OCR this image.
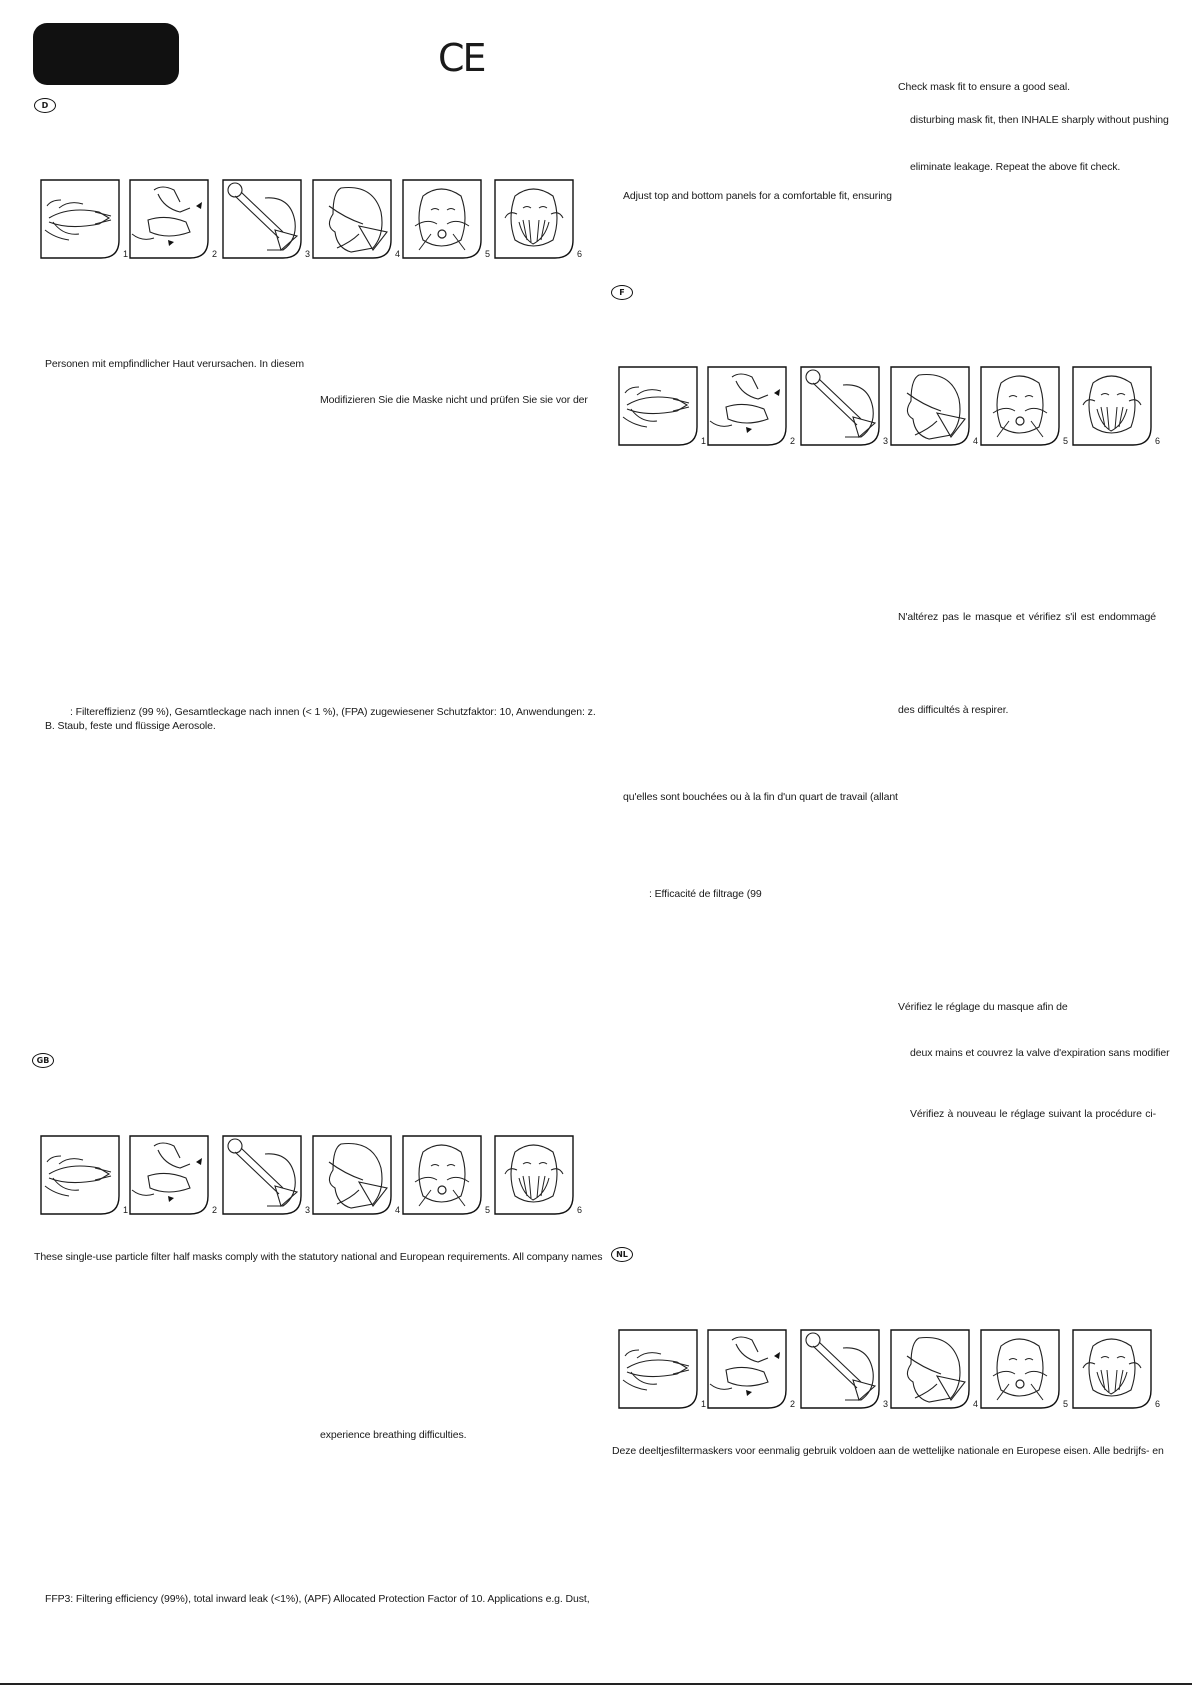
CE
D
GB
F
NL
1	2	3	4	5	6
1	2	3	4	5	6
1	2	3	4	5	6
1	2	3	4	5	6
Personen mit empfindlicher Haut verursachen. In diesem
Modifizieren Sie die Maske nicht und prüfen Sie sie vor der
: Filtereffizienz (99 %), Gesamtleckage nach innen (< 1 %), (FPA) zugewiesener Schutzfaktor: 10, Anwendungen: z.
B. Staub, feste und flüssige Aerosole.
These single-use particle filter half masks comply with the statutory national and European requirements. All company names
experience breathing difficulties.
FFP3: Filtering efficiency (99%), total inward leak (<1%), (APF) Allocated Protection Factor of 10. Applications e.g. Dust,
Check mask fit to ensure a good seal.
disturbing mask fit, then INHALE sharply without pushing
eliminate leakage. Repeat the above fit check.
Adjust top and bottom panels for a comfortable fit, ensuring
N'altérez pas le masque et vérifiez s'il est endommagé
des difficultés à respirer.
qu'elles sont bouchées ou à la fin d'un quart de travail (allant
: Efficacité de filtrage (99
Vérifiez le réglage du masque afin de
deux mains et couvrez la valve d'expiration sans modifier
Vérifiez à nouveau le réglage suivant la procédure ci-
Deze deeltjesfiltermaskers voor eenmalig gebruik voldoen aan de wettelijke nationale en Europese eisen. Alle bedrijfs- en
